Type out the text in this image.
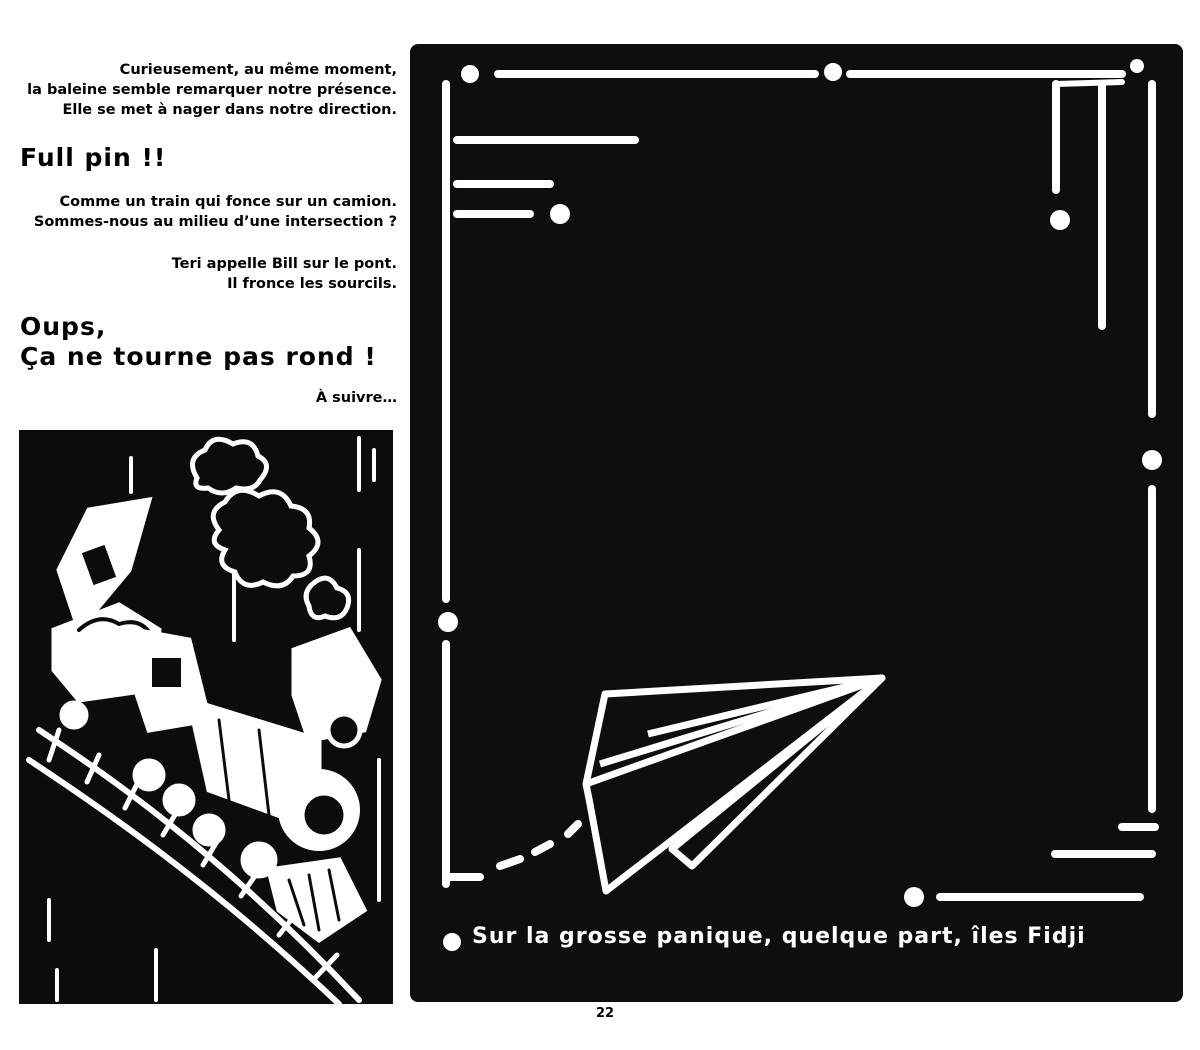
Curieusement, au même moment,
la baleine semble remarquer notre présence.
Elle se met à nager dans notre direction.
Full pin !!
Comme un train qui fonce sur un camion.
Sommes-nous au milieu d’une intersection ?
Teri appelle Bill sur le pont.
Il fronce les sourcils.
Oups,
Ça ne tourne pas rond !
À suivre…
Sur la grosse panique, quelque part, îles Fidji
22
